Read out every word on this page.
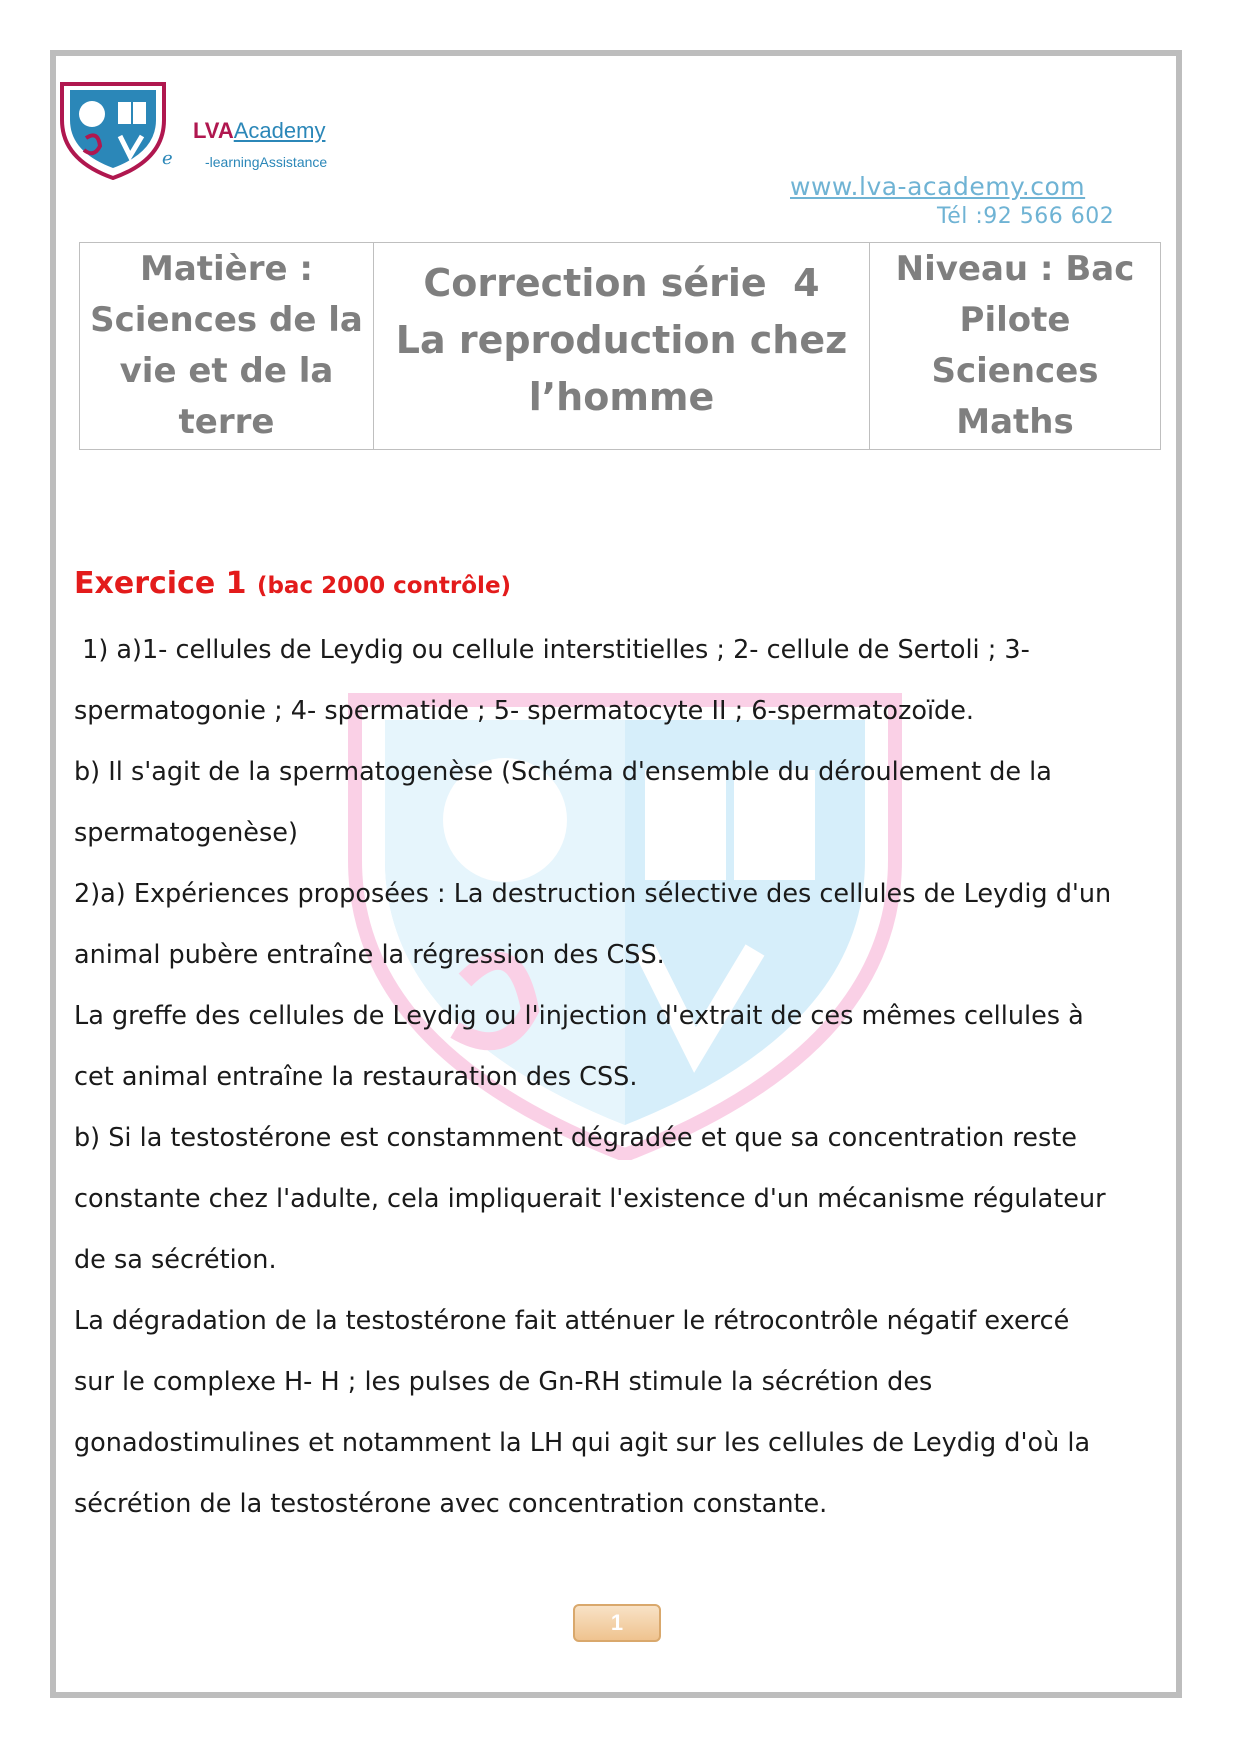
e
LVAAcademy
-learningAssistance
www.lva-academy.com
Tél :92 566 602
Matière :
Sciences de la
vie et de la
terre

Correction série  4
La reproduction chez
l’homme

Niveau : Bac
Pilote
Sciences
Maths
Exercice 1 (bac 2000 contrôle)

1) a)1- cellules de Leydig ou cellule interstitielles ; 2- cellule de Sertoli ; 3-

spermatogonie ; 4- spermatide ; 5- spermatocyte II ; 6-spermatozoïde.

b) Il s'agit de la spermatogenèse (Schéma d'ensemble du déroulement de la

spermatogenèse)

2)a) Expériences proposées : La destruction sélective des cellules de Leydig d'un

animal pubère entraîne la régression des CSS.

La greffe des cellules de Leydig ou l'injection d'extrait de ces mêmes cellules à

cet animal entraîne la restauration des CSS.

b) Si la testostérone est constamment dégradée et que sa concentration reste

constante chez l'adulte, cela impliquerait l'existence d'un mécanisme régulateur

de sa sécrétion.

La dégradation de la testostérone fait atténuer le rétrocontrôle négatif exercé

sur le complexe H- H ; les pulses de Gn-RH stimule la sécrétion des

gonadostimulines et notamment la LH qui agit sur les cellules de Leydig d'où la

sécrétion de la testostérone avec concentration constante.

1
